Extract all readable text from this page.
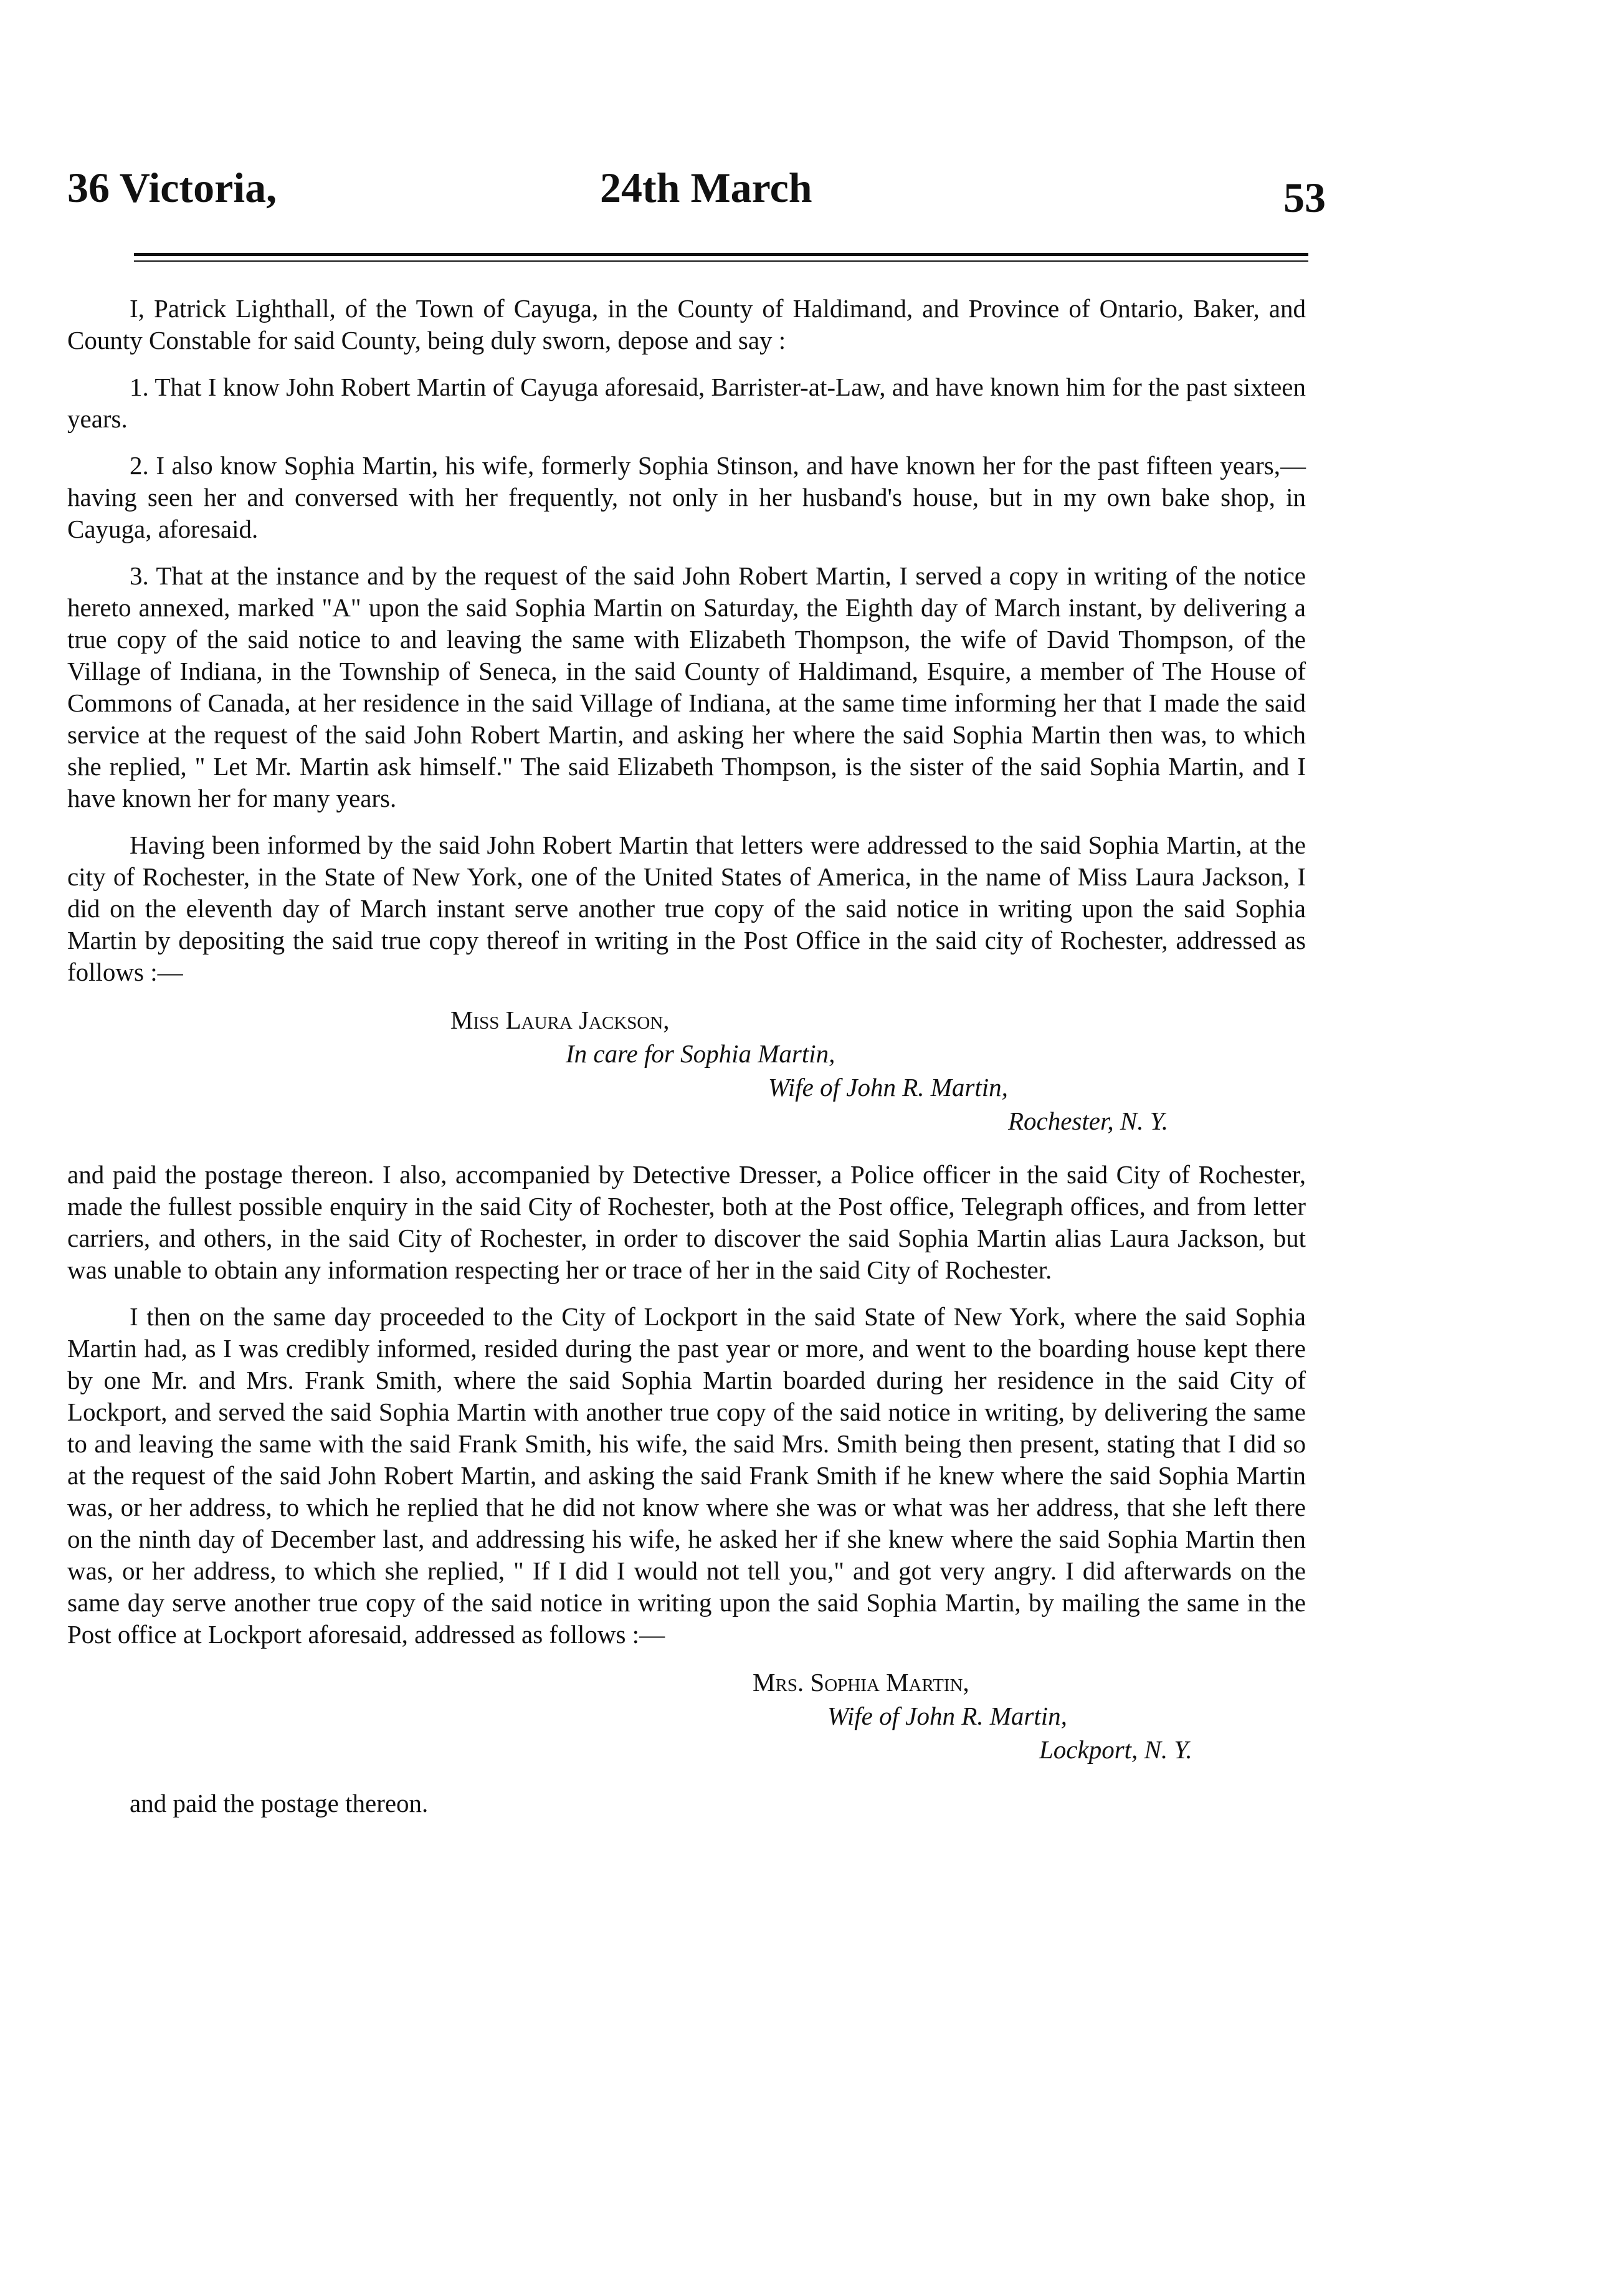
36 Victoria,	24th March	53

I, Patrick Lighthall, of the Town of Cayuga, in the County of Haldimand, and Province of Ontario, Baker, and County Constable for said County, being duly sworn, depose and say :

1. That I know John Robert Martin of Cayuga aforesaid, Barrister-at-Law, and have known him for the past sixteen years.

2. I also know Sophia Martin, his wife, formerly Sophia Stinson, and have known her for the past fifteen years,—having seen her and conversed with her frequently, not only in her husband's house, but in my own bake shop, in Cayuga, aforesaid.

3. That at the instance and by the request of the said John Robert Martin, I served a copy in writing of the notice hereto annexed, marked "A" upon the said Sophia Martin on Saturday, the Eighth day of March instant, by delivering a true copy of the said notice to and leaving the same with Elizabeth Thompson, the wife of David Thompson, of the Village of Indiana, in the Township of Seneca, in the said County of Haldimand, Esquire, a member of The House of Commons of Canada, at her residence in the said Village of Indiana, at the same time informing her that I made the said service at the request of the said John Robert Martin, and asking her where the said Sophia Martin then was, to which she replied, " Let Mr. Martin ask himself." The said Elizabeth Thompson, is the sister of the said Sophia Martin, and I have known her for many years.

Having been informed by the said John Robert Martin that letters were addressed to the said Sophia Martin, at the city of Rochester, in the State of New York, one of the United States of America, in the name of Miss Laura Jackson, I did on the eleventh day of March instant serve another true copy of the said notice in writing upon the said Sophia Martin by depositing the said true copy thereof in writing in the Post Office in the said city of Rochester, addressed as follows :—

Miss Laura Jackson,
In care for Sophia Martin,
Wife of John R. Martin,
Rochester, N. Y.

and paid the postage thereon. I also, accompanied by Detective Dresser, a Police officer in the said City of Rochester, made the fullest possible enquiry in the said City of Rochester, both at the Post office, Telegraph offices, and from letter carriers, and others, in the said City of Rochester, in order to discover the said Sophia Martin alias Laura Jackson, but was unable to obtain any information respecting her or trace of her in the said City of Rochester.

I then on the same day proceeded to the City of Lockport in the said State of New York, where the said Sophia Martin had, as I was credibly informed, resided during the past year or more, and went to the boarding house kept there by one Mr. and Mrs. Frank Smith, where the said Sophia Martin boarded during her residence in the said City of Lockport, and served the said Sophia Martin with another true copy of the said notice in writing, by delivering the same to and leaving the same with the said Frank Smith, his wife, the said Mrs. Smith being then present, stating that I did so at the request of the said John Robert Martin, and asking the said Frank Smith if he knew where the said Sophia Martin was, or her address, to which he replied that he did not know where she was or what was her address, that she left there on the ninth day of December last, and addressing his wife, he asked her if she knew where the said Sophia Martin then was, or her address, to which she replied, " If I did I would not tell you," and got very angry. I did afterwards on the same day serve another true copy of the said notice in writing upon the said Sophia Martin, by mailing the same in the Post office at Lockport aforesaid, addressed as follows :—

Mrs. Sophia Martin,
Wife of John R. Martin,
Lockport, N. Y.

and paid the postage thereon.
